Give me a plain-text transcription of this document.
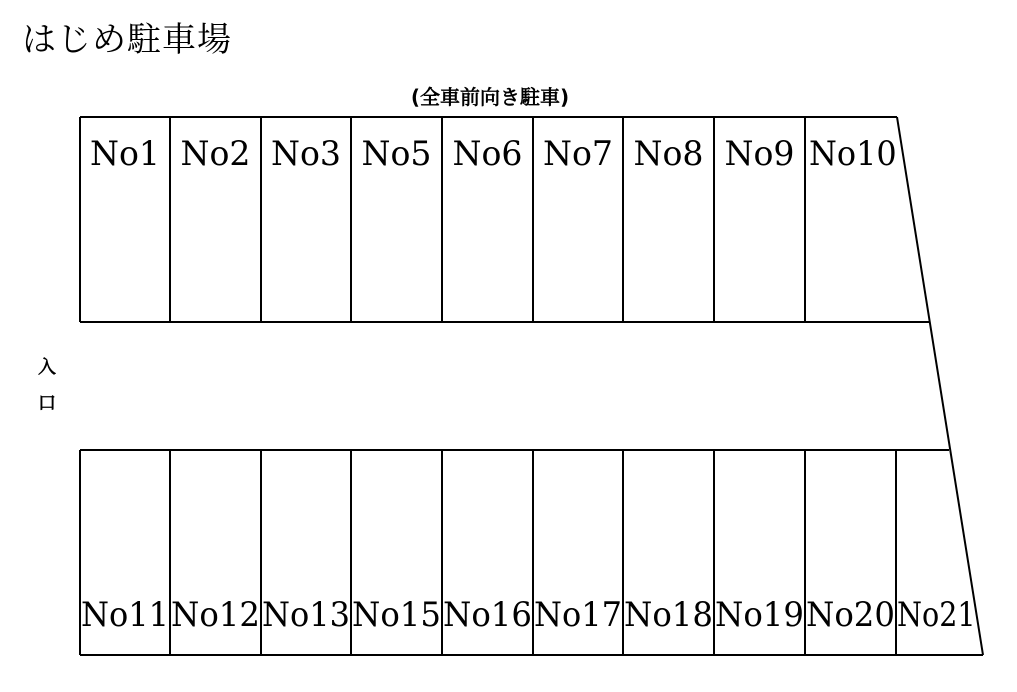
はじめ駐車場
(全車前向き駐車)
入
口
No1 No2 No3 No5 No6 No7 No8 No9 No10
No11 No12 No13 No15 No16 No17 No18 No19 No20 No21
